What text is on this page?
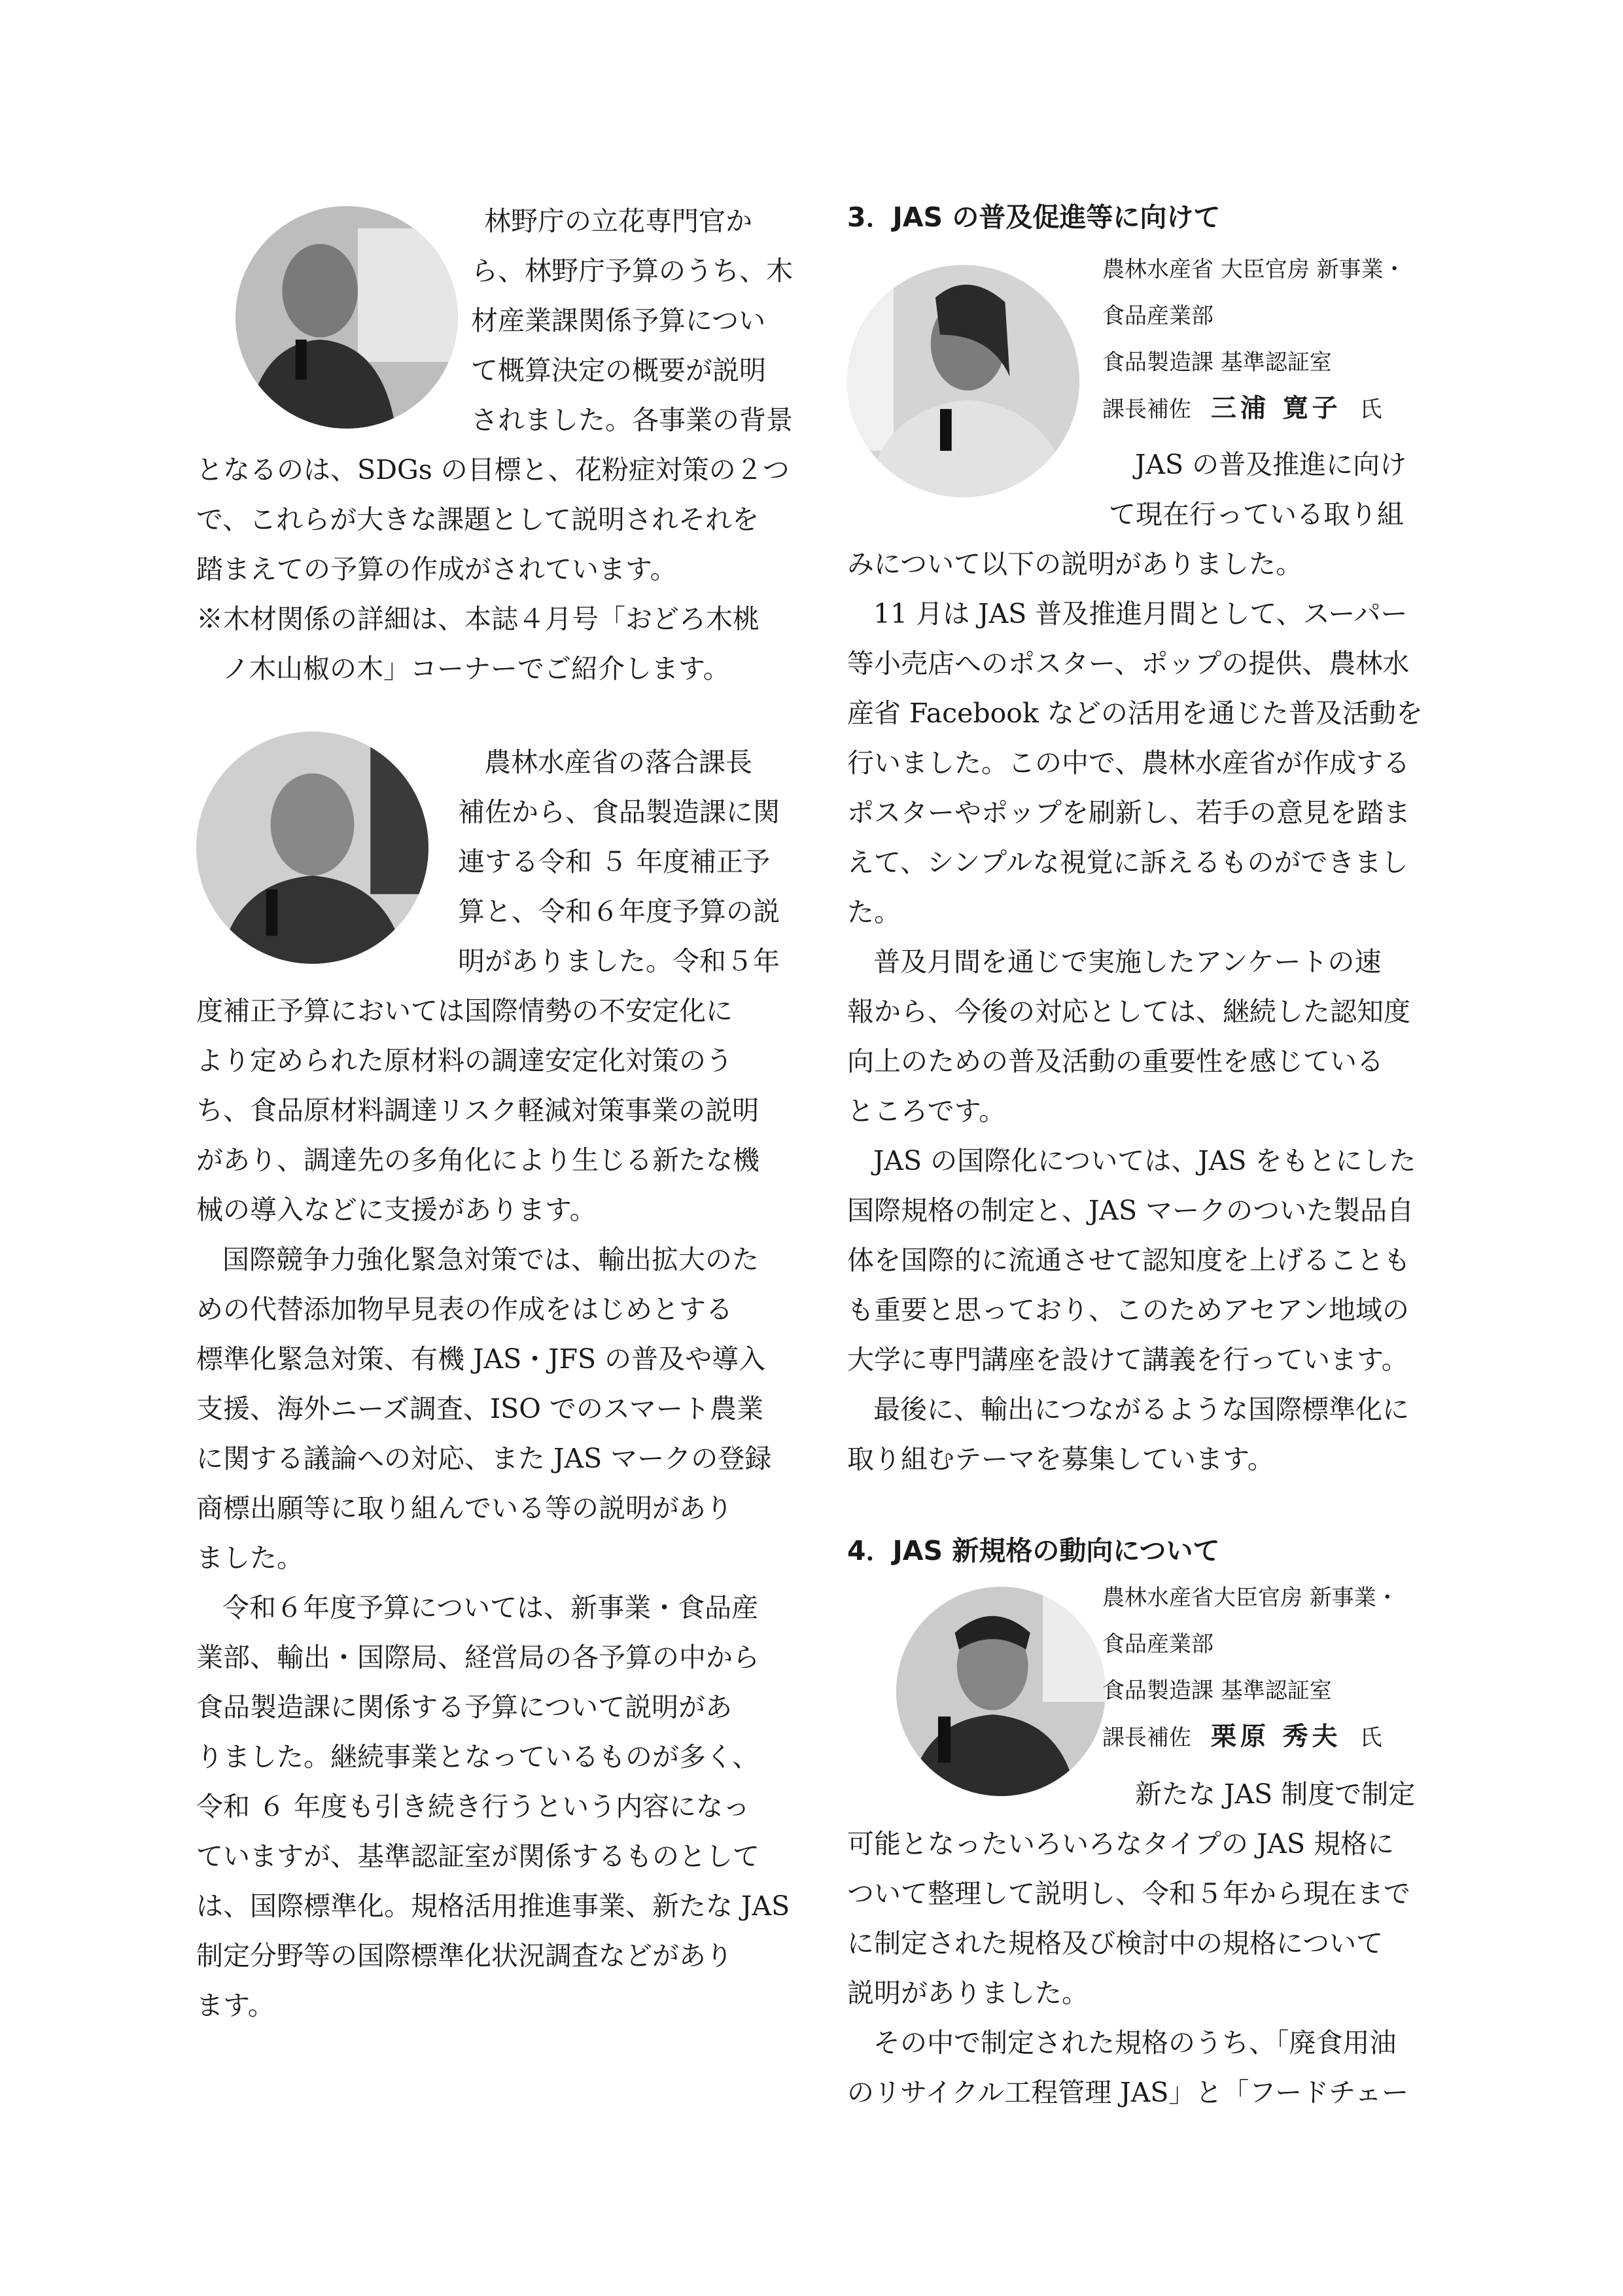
林野庁の立花専門官か
ら、林野庁予算のうち、木
材産業課関係予算につい
て概算決定の概要が説明
されました。各事業の背景
となるのは、SDGs の目標と、花粉症対策の２つ
で、これらが大きな課題として説明されそれを
踏まえての予算の作成がされています。
※木材関係の詳細は、本誌４月号「おどろ木桃
ノ木山椒の木」コーナーでご紹介します。
農林水産省の落合課長
補佐から、食品製造課に関
連する令和 ５ 年度補正予
算と、令和６年度予算の説
明がありました。令和５年
度補正予算においては国際情勢の不安定化に
より定められた原材料の調達安定化対策のう
ち、食品原材料調達リスク軽減対策事業の説明
があり、調達先の多角化により生じる新たな機
械の導入などに支援があります。
国際競争力強化緊急対策では、輸出拡大のた
めの代替添加物早見表の作成をはじめとする
標準化緊急対策、有機 JAS・JFS の普及や導入
支援、海外ニーズ調査、ISO でのスマート農業
に関する議論への対応、また JAS マークの登録
商標出願等に取り組んでいる等の説明があり
ました。
令和６年度予算については、新事業・食品産
業部、輸出・国際局、経営局の各予算の中から
食品製造課に関係する予算について説明があ
りました。継続事業となっているものが多く、
令和 ６ 年度も引き続き行うという内容になっ
ていますが、基準認証室が関係するものとして
は、国際標準化。規格活用推進事業、新たな JAS
制定分野等の国際標準化状況調査などがあり
ます。
3．JAS の普及促進等に向けて
農林水産省 大臣官房 新事業・
食品産業部
食品製造課 基準認証室
課長補佐 三浦 寛子 氏
JAS の普及推進に向け
て現在行っている取り組
みについて以下の説明がありました。
11 月は JAS 普及推進月間として、スーパー
等小売店へのポスター、ポップの提供、農林水
産省 Facebook などの活用を通じた普及活動を
行いました。この中で、農林水産省が作成する
ポスターやポップを刷新し、若手の意見を踏ま
えて、シンプルな視覚に訴えるものができまし
た。
普及月間を通じで実施したアンケートの速
報から、今後の対応としては、継続した認知度
向上のための普及活動の重要性を感じている
ところです。
JAS の国際化については、JAS をもとにした
国際規格の制定と、JAS マークのついた製品自
体を国際的に流通させて認知度を上げることも
も重要と思っており、このためアセアン地域の
大学に専門講座を設けて講義を行っています。
最後に、輸出につながるような国際標準化に
取り組むテーマを募集しています。
4．JAS 新規格の動向について
農林水産省大臣官房 新事業・
食品産業部
食品製造課 基準認証室
課長補佐 栗原 秀夫 氏
新たな JAS 制度で制定
可能となったいろいろなタイプの JAS 規格に
ついて整理して説明し、令和５年から現在まで
に制定された規格及び検討中の規格について
説明がありました。
その中で制定された規格のうち、「廃食用油
のリサイクル工程管理 JAS」と「フードチェー
